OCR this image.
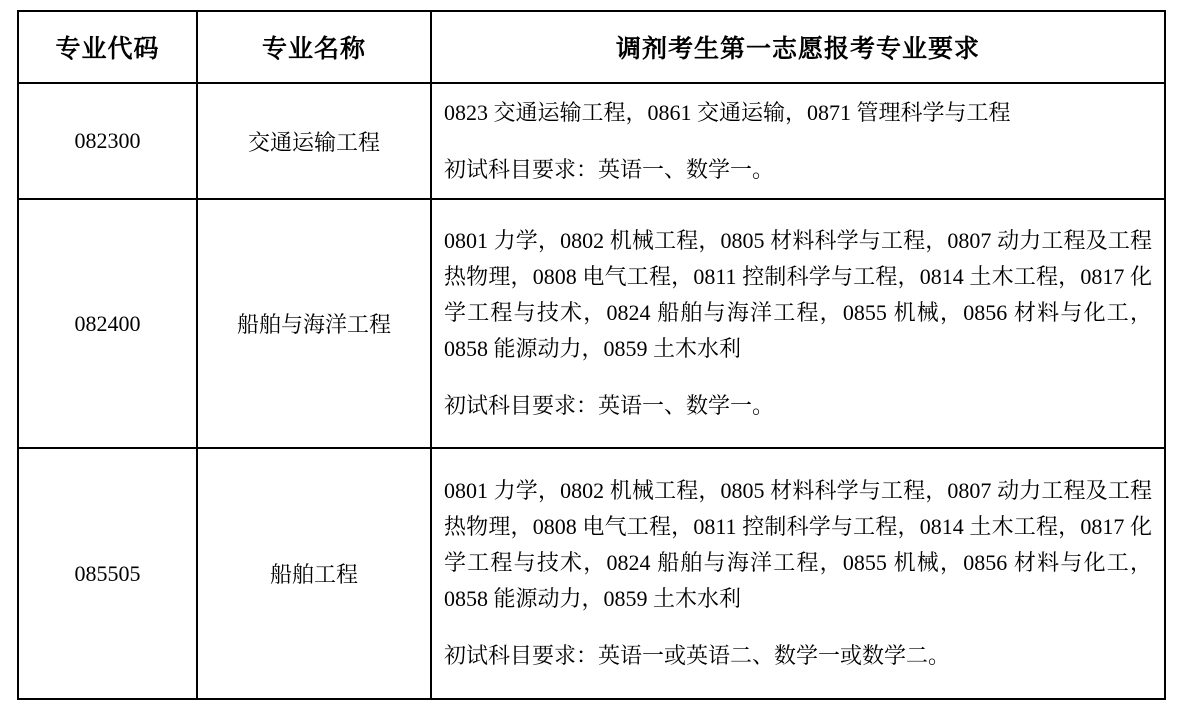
专业代码	专业名称	调剂考生第一志愿报考专业要求
082300	交通运输工程	0823 交通运输工程，0861 交通运输，0871 管理科学与工程

初试科目要求：英语一、数学一。

082400	船舶与海洋工程	0801 力学，0802 机械工程，0805 材料科学与工程，0807 动力工程及工程热物理，0808 电气工程，0811 控制科学与工程，0814 土木工程，0817 化学工程与技术，0824 船舶与海洋工程，0855 机械，0856 材料与化工，0858 能源动力，0859 土木水利

初试科目要求：英语一、数学一。

085505	船舶工程	0801 力学，0802 机械工程，0805 材料科学与工程，0807 动力工程及工程热物理，0808 电气工程，0811 控制科学与工程，0814 土木工程，0817 化学工程与技术，0824 船舶与海洋工程，0855 机械，0856 材料与化工，0858 能源动力，0859 土木水利

初试科目要求：英语一或英语二、数学一或数学二。
